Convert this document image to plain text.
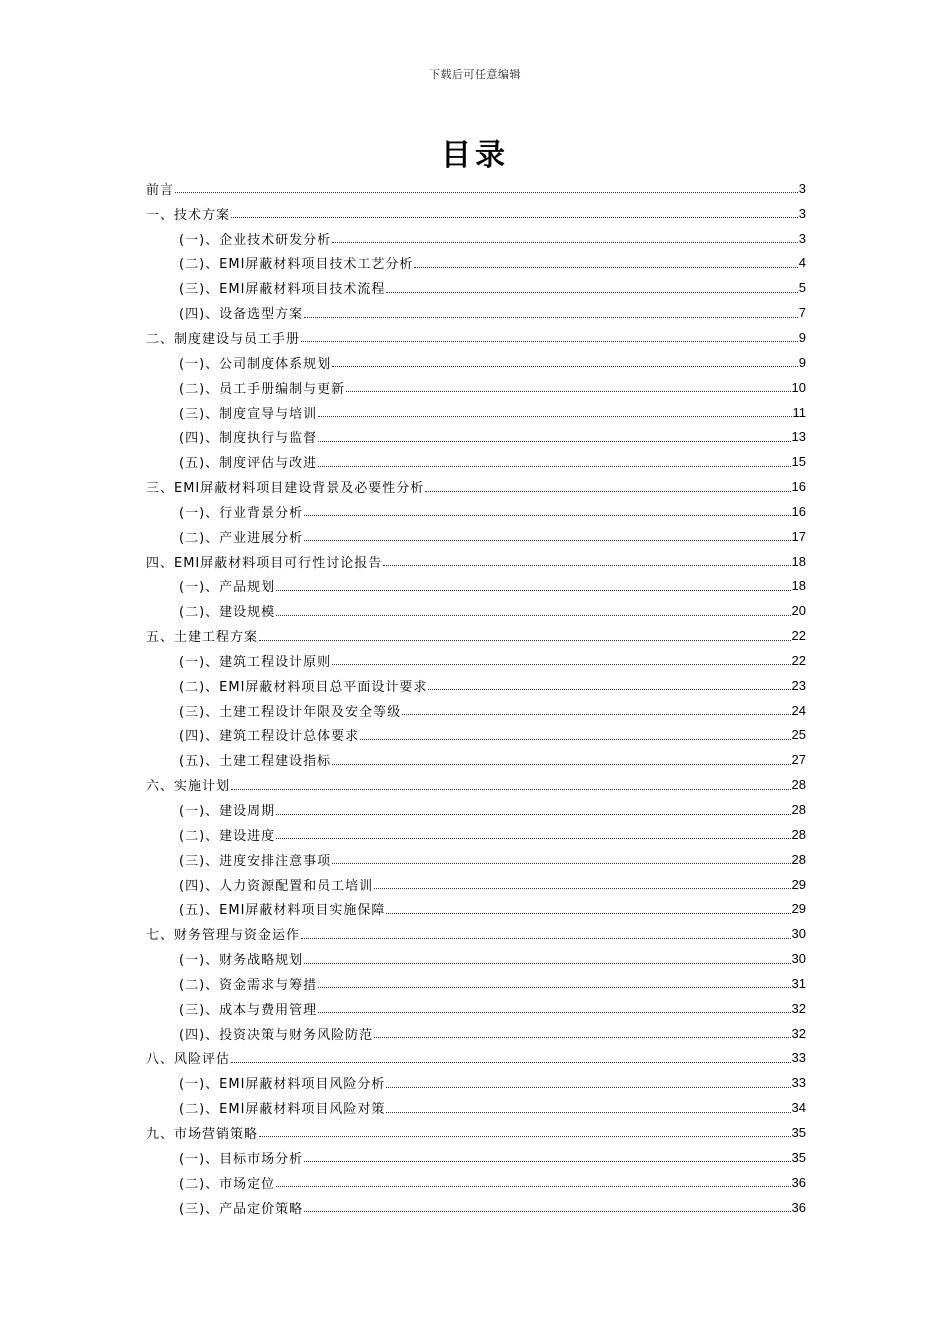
下载后可任意编辑
目录
前言	3
一、技术方案	3
(一)、企业技术研发分析	3
(二)、EMI屏蔽材料项目技术工艺分析	4
(三)、EMI屏蔽材料项目技术流程	5
(四)、设备选型方案	7
二、制度建设与员工手册	9
(一)、公司制度体系规划	9
(二)、员工手册编制与更新	10
(三)、制度宣导与培训	11
(四)、制度执行与监督	13
(五)、制度评估与改进	15
三、EMI屏蔽材料项目建设背景及必要性分析	16
(一)、行业背景分析	16
(二)、产业进展分析	17
四、EMI屏蔽材料项目可行性讨论报告	18
(一)、产品规划	18
(二)、建设规模	20
五、土建工程方案	22
(一)、建筑工程设计原则	22
(二)、EMI屏蔽材料项目总平面设计要求	23
(三)、土建工程设计年限及安全等级	24
(四)、建筑工程设计总体要求	25
(五)、土建工程建设指标	27
六、实施计划	28
(一)、建设周期	28
(二)、建设进度	28
(三)、进度安排注意事项	28
(四)、人力资源配置和员工培训	29
(五)、EMI屏蔽材料项目实施保障	29
七、财务管理与资金运作	30
(一)、财务战略规划	30
(二)、资金需求与筹措	31
(三)、成本与费用管理	32
(四)、投资决策与财务风险防范	32
八、风险评估	33
(一)、EMI屏蔽材料项目风险分析	33
(二)、EMI屏蔽材料项目风险对策	34
九、市场营销策略	35
(一)、目标市场分析	35
(二)、市场定位	36
(三)、产品定价策略	36
